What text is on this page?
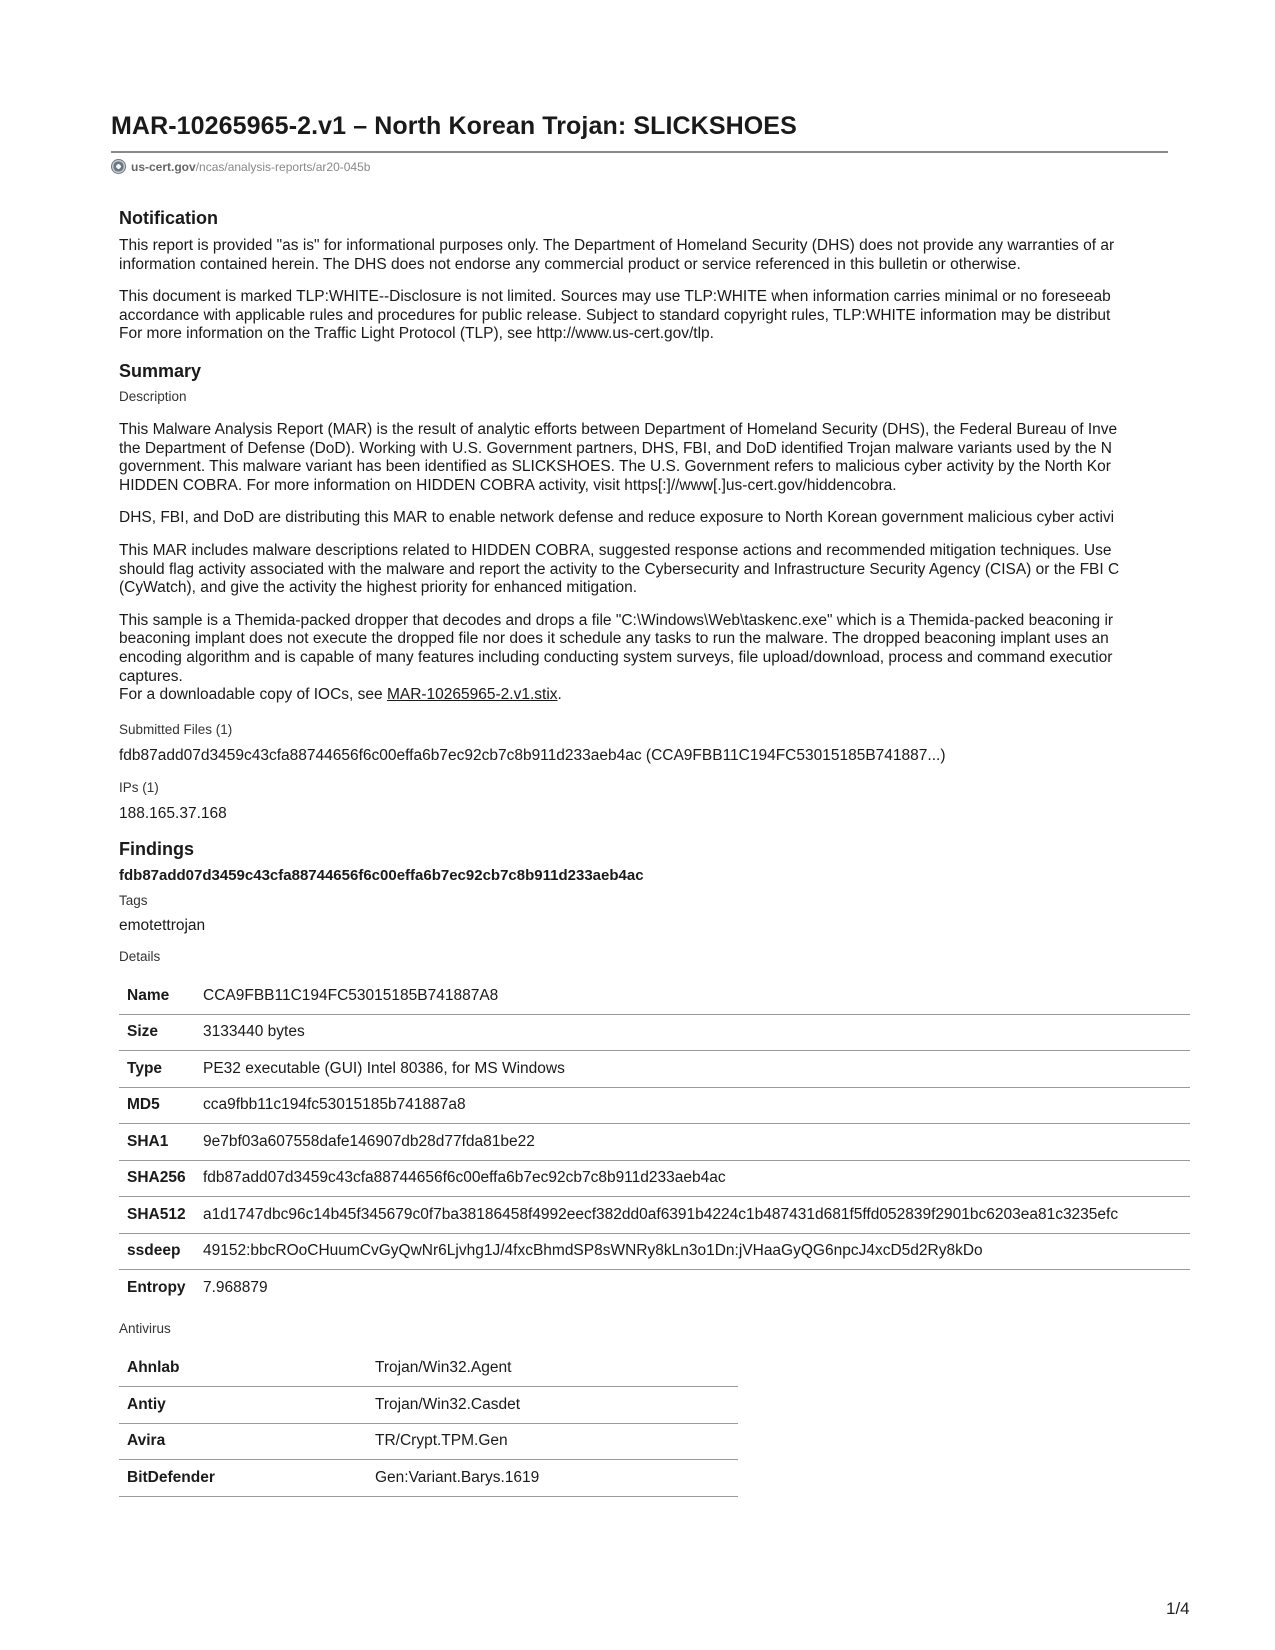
MAR-10265965-2.v1 – North Korean Trojan: SLICKSHOES
us-cert.gov /ncas/analysis-reports/ar20-045b
Notification

This report is provided "as is" for informational purposes only. The Department of Homeland Security (DHS) does not provide any warranties of ar
information contained herein. The DHS does not endorse any commercial product or service referenced in this bulletin or otherwise.

This document is marked TLP:WHITE--Disclosure is not limited. Sources may use TLP:WHITE when information carries minimal or no foreseeab
accordance with applicable rules and procedures for public release. Subject to standard copyright rules, TLP:WHITE information may be distribut
For more information on the Traffic Light Protocol (TLP), see http://www.us-cert.gov/tlp.

Summary
Description

This Malware Analysis Report (MAR) is the result of analytic efforts between Department of Homeland Security (DHS), the Federal Bureau of Inve
the Department of Defense (DoD). Working with U.S. Government partners, DHS, FBI, and DoD identified Trojan malware variants used by the N
government. This malware variant has been identified as SLICKSHOES. The U.S. Government refers to malicious cyber activity by the North Kor
HIDDEN COBRA. For more information on HIDDEN COBRA activity, visit https[:]//www[.]us-cert.gov/hiddencobra.

DHS, FBI, and DoD are distributing this MAR to enable network defense and reduce exposure to North Korean government malicious cyber activi

This MAR includes malware descriptions related to HIDDEN COBRA, suggested response actions and recommended mitigation techniques. Use
should flag activity associated with the malware and report the activity to the Cybersecurity and Infrastructure Security Agency (CISA) or the FBI C
(CyWatch), and give the activity the highest priority for enhanced mitigation.

This sample is a Themida-packed dropper that decodes and drops a file "C:\Windows\Web\taskenc.exe" which is a Themida-packed beaconing ir
beaconing implant does not execute the dropped file nor does it schedule any tasks to run the malware. The dropped beaconing implant uses an
encoding algorithm and is capable of many features including conducting system surveys, file upload/download, process and command executior
captures.
For a downloadable copy of IOCs, see MAR-10265965-2.v1.stix.

Submitted Files (1)
fdb87add07d3459c43cfa88744656f6c00effa6b7ec92cb7c8b911d233aeb4ac (CCA9FBB11C194FC53015185B741887...)
IPs (1)
188.165.37.168
Findings
fdb87add07d3459c43cfa88744656f6c00effa6b7ec92cb7c8b911d233aeb4ac
Tags
emotettrojan
Details
Name	CCA9FBB11C194FC53015185B741887A8
Size	3133440 bytes
Type	PE32 executable (GUI) Intel 80386, for MS Windows
MD5	cca9fbb11c194fc53015185b741887a8
SHA1	9e7bf03a607558dafe146907db28d77fda81be22
SHA256	fdb87add07d3459c43cfa88744656f6c00effa6b7ec92cb7c8b911d233aeb4ac
SHA512	a1d1747dbc96c14b45f345679c0f7ba38186458f4992eecf382dd0af6391b4224c1b487431d681f5ffd052839f2901bc6203ea81c3235efc
ssdeep	49152:bbcROoCHuumCvGyQwNr6Ljvhg1J/4fxcBhmdSP8sWNRy8kLn3o1Dn:jVHaaGyQG6npcJ4xcD5d2Ry8kDo
Entropy	7.968879
Antivirus
Ahnlab	Trojan/Win32.Agent
Antiy	Trojan/Win32.Casdet
Avira	TR/Crypt.TPM.Gen
BitDefender	Gen:Variant.Barys.1619
1/4
